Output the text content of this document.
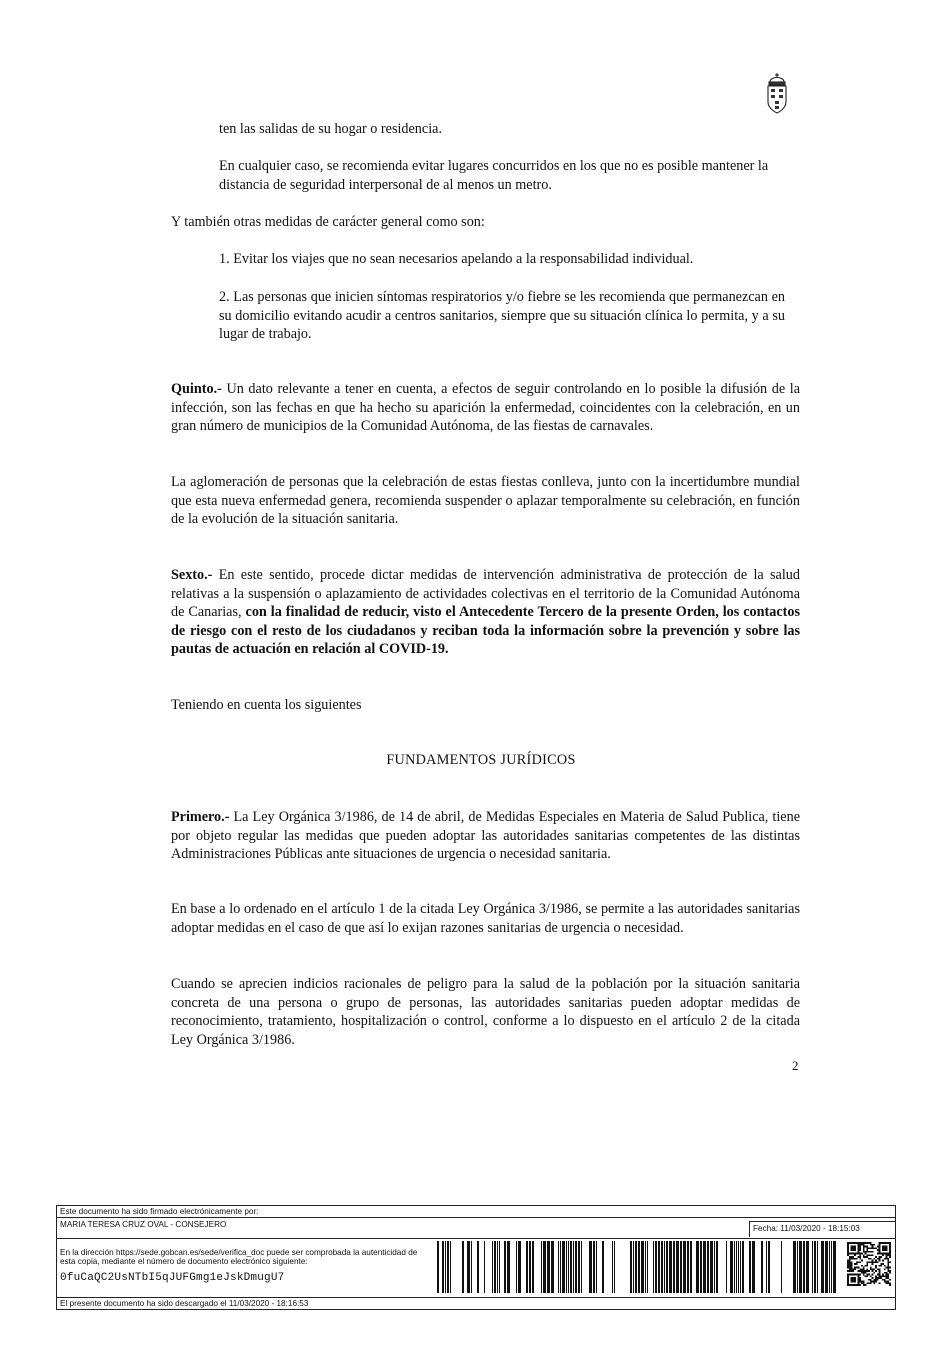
ten las salidas de su hogar o residencia.

En cualquier caso, se recomienda evitar lugares concurridos en los que no es posible mantener la distancia de seguridad interpersonal de al menos un metro.

Y también otras medidas de carácter general como son:

1. Evitar los viajes que no sean necesarios apelando a la responsabilidad individual.

2. Las personas que inicien síntomas respiratorios y/o fiebre se les recomienda que permanezcan en su domicilio evitando acudir a centros sanitarios, siempre que su situación clínica lo permita, y a su lugar de trabajo.

Quinto.- Un dato relevante a tener en cuenta, a efectos de seguir controlando en lo posible la difusión de la infección, son las fechas en que ha hecho su aparición la enfermedad, coincidentes con la celebración, en un gran número de municipios de la Comunidad Autónoma, de las fiestas de carnavales.

La aglomeración de personas que la celebración de estas fiestas conlleva, junto con la incertidumbre mundial que esta nueva enfermedad genera, recomienda suspender o aplazar temporalmente su celebración, en función de la evolución de la situación sanitaria.

Sexto.- En este sentido, procede dictar medidas de intervención administrativa de protección de la salud relativas a la suspensión o aplazamiento de actividades colectivas en el territorio de la Comunidad Autónoma de Canarias, con la finalidad de reducir, visto el Antecedente Tercero de la presente Orden, los contactos de riesgo con el resto de los ciudadanos y reciban toda la información sobre la prevención y sobre las pautas de actuación en relación al COVID-19.

Teniendo en cuenta los siguientes

FUNDAMENTOS JURÍDICOS

Primero.- La Ley Orgánica 3/1986, de 14 de abril, de Medidas Especiales en Materia de Salud Publica, tiene por objeto regular las medidas que pueden adoptar las autoridades sanitarias competentes de las distintas Administraciones Públicas ante situaciones de urgencia o necesidad sanitaria.

En base a lo ordenado en el artículo 1 de la citada Ley Orgánica 3/1986, se permite a las autoridades sanitarias adoptar medidas en el caso de que así lo exijan razones sanitarias de urgencia o necesidad.

Cuando se aprecien indicios racionales de peligro para la salud de la población por la situación sanitaria concreta de una persona o grupo de personas, las autoridades sanitarias pueden adoptar medidas de reconocimiento, tratamiento, hospitalización o control, conforme a lo dispuesto en el artículo 2 de la citada Ley Orgánica 3/1986.

2
Este documento ha sido firmado electrónicamente por:
MARIA TERESA CRUZ OVAL - CONSEJERO	Fecha: 11/03/2020 - 18:15:03
En la dirección https://sede.gobcan.es/sede/verifica_doc puede ser comprobada la autenticidad de esta copia, mediante el número de documento electrónico siguiente:
0fuCaQC2UsNTbI5qJUFGmg1eJskDmugU7
El presente documento ha sido descargado el 11/03/2020 - 18:16:53
